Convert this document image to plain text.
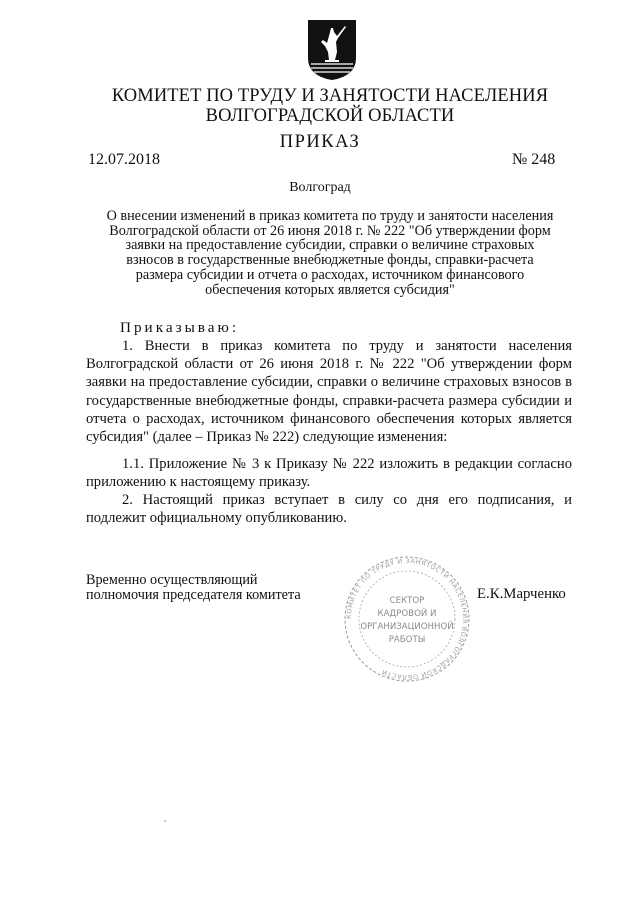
КОМИТЕТ ПО ТРУДУ И ЗАНЯТОСТИ НАСЕЛЕНИЯ
ВОЛГОГРАДСКОЙ ОБЛАСТИ
ПРИКАЗ
12.07.2018	№ 248
Волгоград
О внесении изменений в приказ комитета по труду и занятости населения
Волгоградской области от 26 июня 2018 г. № 222 "Об утверждении форм
заявки на предоставление субсидии, справки о величине страховых
взносов в государственные внебюджетные фонды, справки-расчета
размера субсидии и отчета о расходах, источником финансового
обеспечения которых является субсидия"
Приказываю:
1. Внести в приказ комитета по труду и занятости населения Волгоградской области от 26 июня 2018 г. № 222 "Об утверждении форм заявки на предоставление субсидии, справки о величине страховых взносов в государственные внебюджетные фонды, справки-расчета размера субсидии и отчета о расходах, источником финансового обеспечения которых является субсидия" (далее – Приказ № 222) следующие изменения:
1.1. Приложение № 3 к Приказу № 222 изложить в редакции согласно приложению к настоящему приказу.
2. Настоящий приказ вступает в силу со дня его подписания, и подлежит официальному опубликованию.
Временно осуществляющий
полномочия председателя комитета
КОМИТЕТ ПО ТРУДУ И ЗАНЯТОСТИ НАСЕЛЕНИЯ ВОЛГОГРАДСКОЙ ОБЛАСТИ
СЕКТОР
КАДРОВОЙ И
ОРГАНИЗАЦИОННОЙ
РАБОТЫ
Е.К.Марченко
